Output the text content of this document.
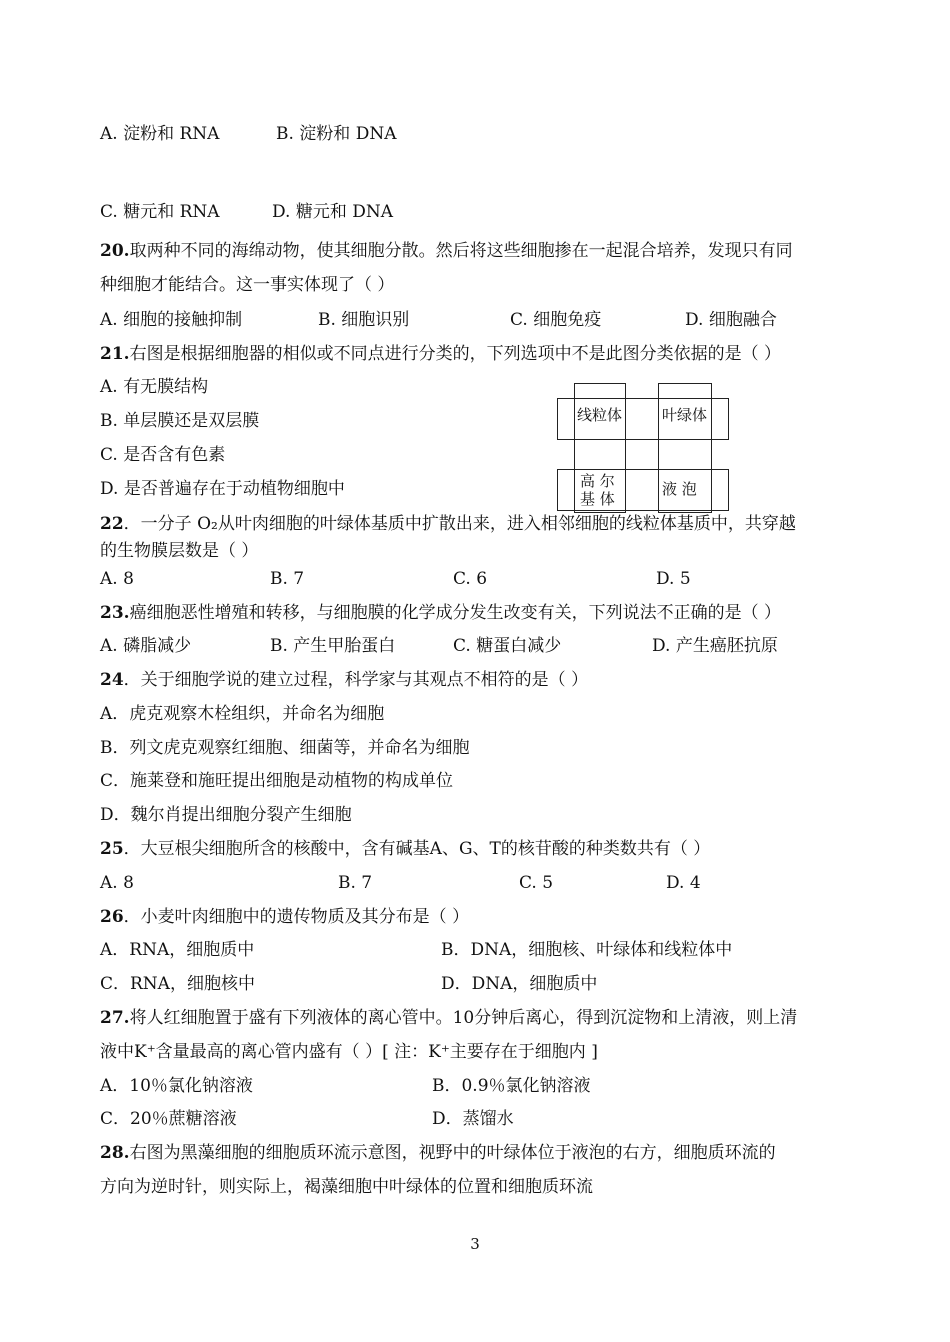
A. 淀粉和 RNA	B. 淀粉和 DNA
C. 糖元和 RNA	D. 糖元和 DNA
20.取两种不同的海绵动物，使其细胞分散。然后将这些细胞掺在一起混合培养，发现只有同
种细胞才能结合。这一事实体现了（ ）
A. 细胞的接触抑制	B. 细胞识别	C. 细胞免疫	D. 细胞融合
21.右图是根据细胞器的相似或不同点进行分类的，下列选项中不是此图分类依据的是（ ）
A. 有无膜结构
B. 单层膜还是双层膜
C. 是否含有色素
D. 是否普遍存在于动植物细胞中
线粒体	叶绿体
高 尔
基 体
液 泡
22．一分子 O₂从叶肉细胞的叶绿体基质中扩散出来，进入相邻细胞的线粒体基质中，共穿越
的生物膜层数是（ ）
A. 8	B. 7	C. 6	D. 5
23.癌细胞恶性增殖和转移，与细胞膜的化学成分发生改变有关，下列说法不正确的是（ ）
A. 磷脂减少	B. 产生甲胎蛋白	C. 糖蛋白减少	D. 产生癌胚抗原
24．关于细胞学说的建立过程，科学家与其观点不相符的是（ ）
A．虎克观察木栓组织，并命名为细胞
B．列文虎克观察红细胞、细菌等，并命名为细胞
C．施莱登和施旺提出细胞是动植物的构成单位
D．魏尔肖提出细胞分裂产生细胞
25．大豆根尖细胞所含的核酸中，含有碱基A、G、T的核苷酸的种类数共有（ ）
A. 8	B. 7	C. 5	D. 4
26．小麦叶肉细胞中的遗传物质及其分布是（ ）
A．RNA，细胞质中	B．DNA，细胞核、叶绿体和线粒体中
C．RNA，细胞核中	D．DNA，细胞质中
27.将人红细胞置于盛有下列液体的离心管中。10分钟后离心，得到沉淀物和上清液，则上清
液中K⁺含量最高的离心管内盛有（ ）[ 注：K⁺主要存在于细胞内 ]
A．10％氯化钠溶液	B．0.9％氯化钠溶液
C．20％蔗糖溶液	D．蒸馏水
28.右图为黑藻细胞的细胞质环流示意图，视野中的叶绿体位于液泡的右方，细胞质环流的
方向为逆时针，则实际上，褐藻细胞中叶绿体的位置和细胞质环流
3
